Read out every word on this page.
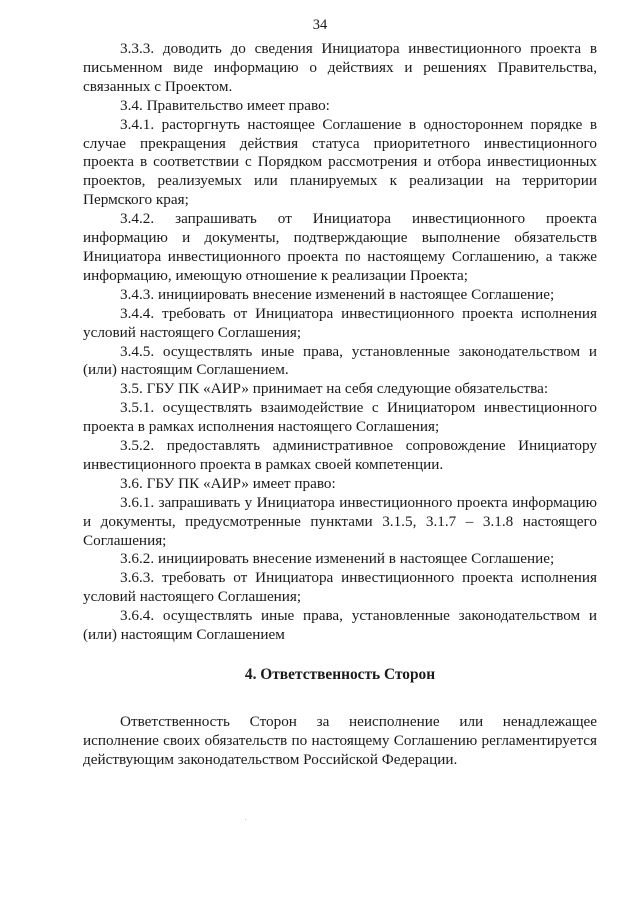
34

3.3.3. доводить до сведения Инициатора инвестиционного проекта в письменном виде информацию о действиях и решениях Правительства, связанных с Проектом.

3.4. Правительство имеет право:

3.4.1. расторгнуть настоящее Соглашение в одностороннем порядке в случае прекращения действия статуса приоритетного инвестиционного проекта в соответствии с Порядком рассмотрения и отбора инвестиционных проектов, реализуемых или планируемых к реализации на территории Пермского края;

3.4.2. запрашивать от Инициатора инвестиционного проекта информацию и документы, подтверждающие выполнение обязательств Инициатора инвестиционного проекта по настоящему Соглашению, а также информацию, имеющую отношение к реализации Проекта;

3.4.3. инициировать внесение изменений в настоящее Соглашение;

3.4.4. требовать от Инициатора инвестиционного проекта исполнения условий настоящего Соглашения;

3.4.5. осуществлять иные права, установленные законодательством и (или) настоящим Соглашением.

3.5. ГБУ ПК «АИР» принимает на себя следующие обязательства:

3.5.1. осуществлять взаимодействие с Инициатором инвестиционного проекта в рамках исполнения настоящего Соглашения;

3.5.2. предоставлять административное сопровождение Инициатору инвестиционного проекта в рамках своей компетенции.

3.6. ГБУ ПК «АИР» имеет право:

3.6.1. запрашивать у Инициатора инвестиционного проекта информацию и документы, предусмотренные пунктами 3.1.5, 3.1.7 – 3.1.8 настоящего Соглашения;

3.6.2. инициировать внесение изменений в настоящее Соглашение;

3.6.3. требовать от Инициатора инвестиционного проекта исполнения условий настоящего Соглашения;

3.6.4. осуществлять иные права, установленные законодательством и (или) настоящим Соглашением

4. Ответственность Сторон

Ответственность Сторон за неисполнение или ненадлежащее исполнение своих обязательств по настоящему Соглашению регламентируется действующим законодательством Российской Федерации.
